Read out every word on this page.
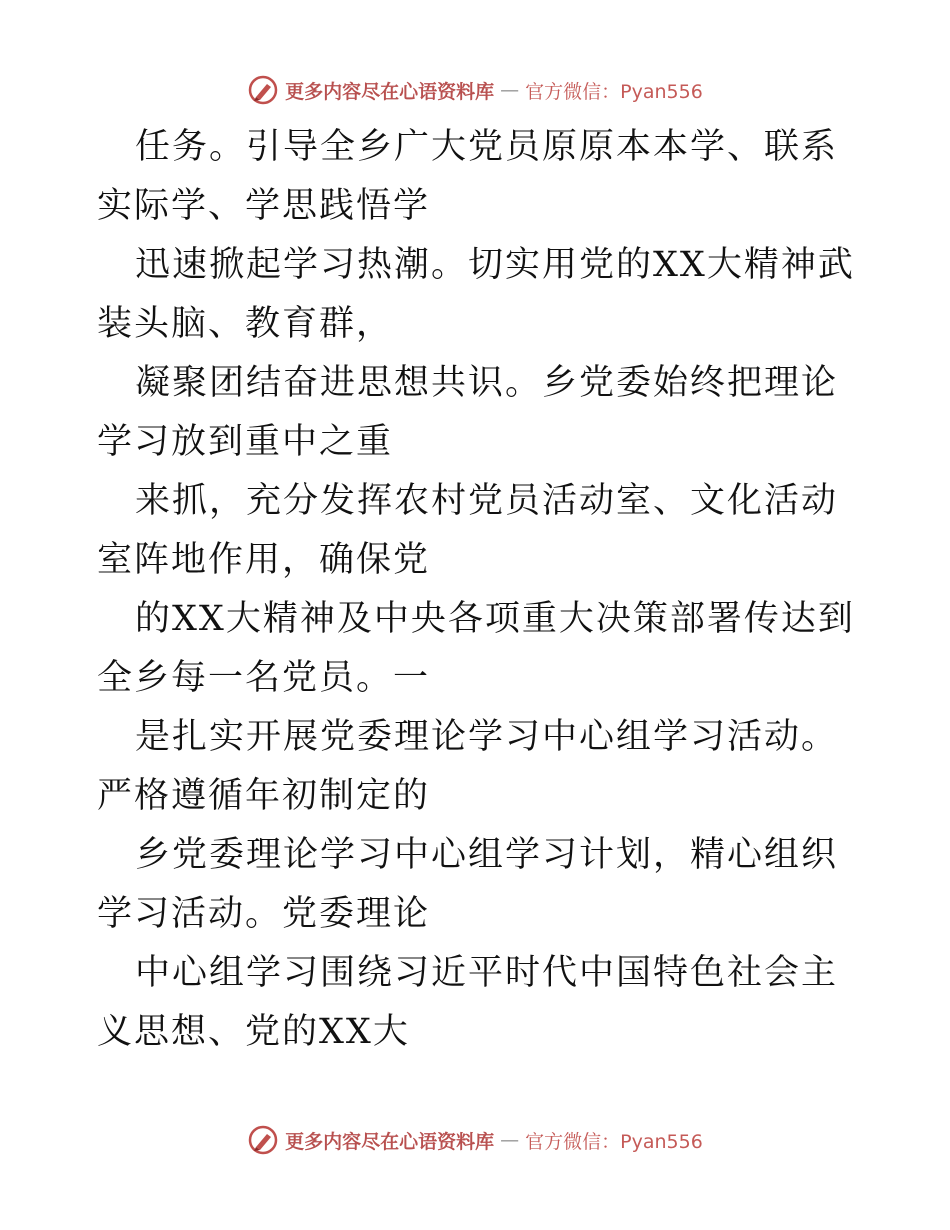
更多内容尽在心语资料库 — 官方微信：Pyan556

任务。引导全乡广大党员原原本本学、联系实际学、学思践悟学

迅速掀起学习热潮。切实用党的XX大精神武装头脑、教育群，

凝聚团结奋进思想共识。乡党委始终把理论学习放到重中之重

来抓，充分发挥农村党员活动室、文化活动室阵地作用，确保党

的XX大精神及中央各项重大决策部署传达到全乡每一名党员。一

是扎实开展党委理论学习中心组学习活动。严格遵循年初制定的

乡党委理论学习中心组学习计划，精心组织学习活动。党委理论

中心组学习围绕习近平时代中国特色社会主义思想、党的XX大

更多内容尽在心语资料库 — 官方微信：Pyan556
